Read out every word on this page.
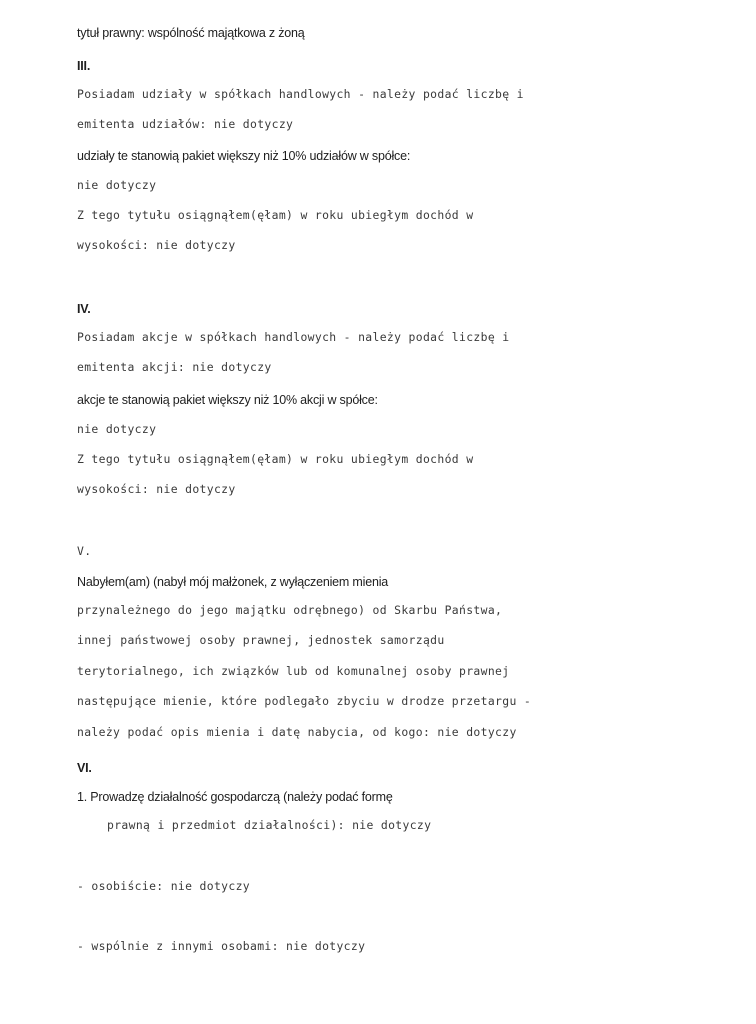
tytuł prawny: wspólność majątkowa z żoną
III.
Posiadam udziały w spółkach handlowych - należy podać liczbę i
emitenta udziałów: nie dotyczy
udziały te stanowią pakiet większy niż 10% udziałów w spółce:
nie dotyczy
Z tego tytułu osiągnąłem(ęłam) w roku ubiegłym dochód w
wysokości: nie dotyczy
IV.
Posiadam akcje w spółkach handlowych - należy podać liczbę i
emitenta akcji: nie dotyczy
akcje te stanowią pakiet większy niż 10% akcji w spółce:
nie dotyczy
Z tego tytułu osiągnąłem(ęłam) w roku ubiegłym dochód w
wysokości: nie dotyczy
V.
Nabyłem(am) (nabył mój małżonek, z wyłączeniem mienia
przynależnego do jego majątku odrębnego) od Skarbu Państwa,
innej państwowej osoby prawnej, jednostek samorządu
terytorialnego, ich związków lub od komunalnej osoby prawnej
następujące mienie, które podlegało zbyciu w drodze przetargu -
należy podać opis mienia i datę nabycia, od kogo: nie dotyczy
VI.
1. Prowadzę działalność gospodarczą (należy podać formę
prawną i przedmiot działalności): nie dotyczy
- osobiście: nie dotyczy
- wspólnie z innymi osobami: nie dotyczy
